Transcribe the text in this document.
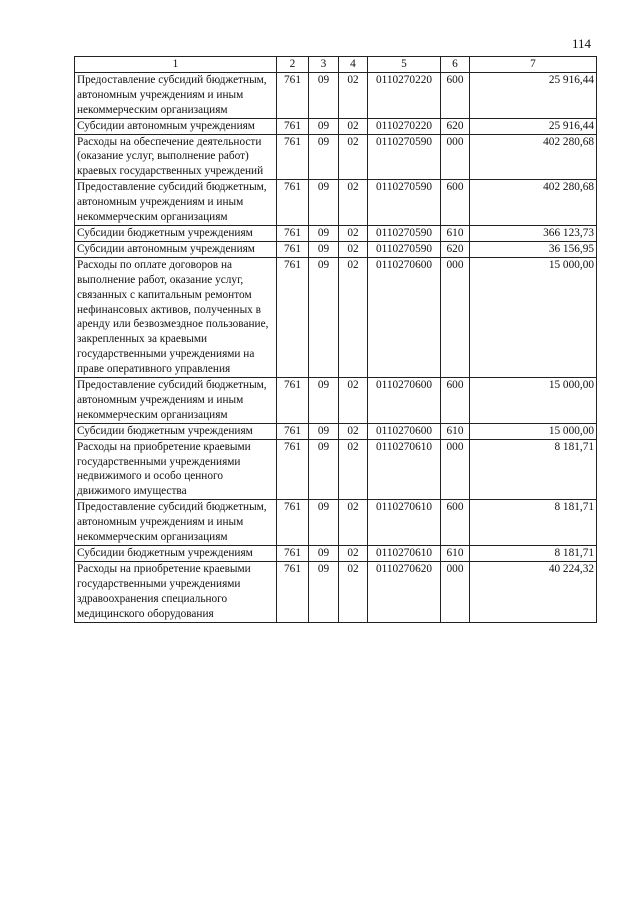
114
1	2	3	4	5	6	7
Предоставление субсидий бюджетным, автономным учреждениям и иным некоммерческим организациям	761	09	02	0110270220	600	25 916,44
Субсидии автономным учреждениям	761	09	02	0110270220	620	25 916,44
Расходы на обеспечение деятельности (оказание услуг, выполнение работ) краевых государственных учреждений	761	09	02	0110270590	000	402 280,68
Предоставление субсидий бюджетным, автономным учреждениям и иным некоммерческим организациям	761	09	02	0110270590	600	402 280,68
Субсидии бюджетным учреждениям	761	09	02	0110270590	610	366 123,73
Субсидии автономным учреждениям	761	09	02	0110270590	620	36 156,95
Расходы по оплате договоров на выполнение работ, оказание услуг, связанных с капитальным ремонтом нефинансовых активов, полученных в аренду или безвозмездное пользование, закрепленных за краевыми государственными учреждениями на праве оперативного управления	761	09	02	0110270600	000	15 000,00
Предоставление субсидий бюджетным, автономным учреждениям и иным некоммерческим организациям	761	09	02	0110270600	600	15 000,00
Субсидии бюджетным учреждениям	761	09	02	0110270600	610	15 000,00
Расходы на приобретение краевыми государственными учреждениями недвижимого и особо ценного движимого имущества	761	09	02	0110270610	000	8 181,71
Предоставление субсидий бюджетным, автономным учреждениям и иным некоммерческим организациям	761	09	02	0110270610	600	8 181,71
Субсидии бюджетным учреждениям	761	09	02	0110270610	610	8 181,71
Расходы на приобретение краевыми государственными учреждениями здравоохранения специального медицинского оборудования	761	09	02	0110270620	000	40 224,32
